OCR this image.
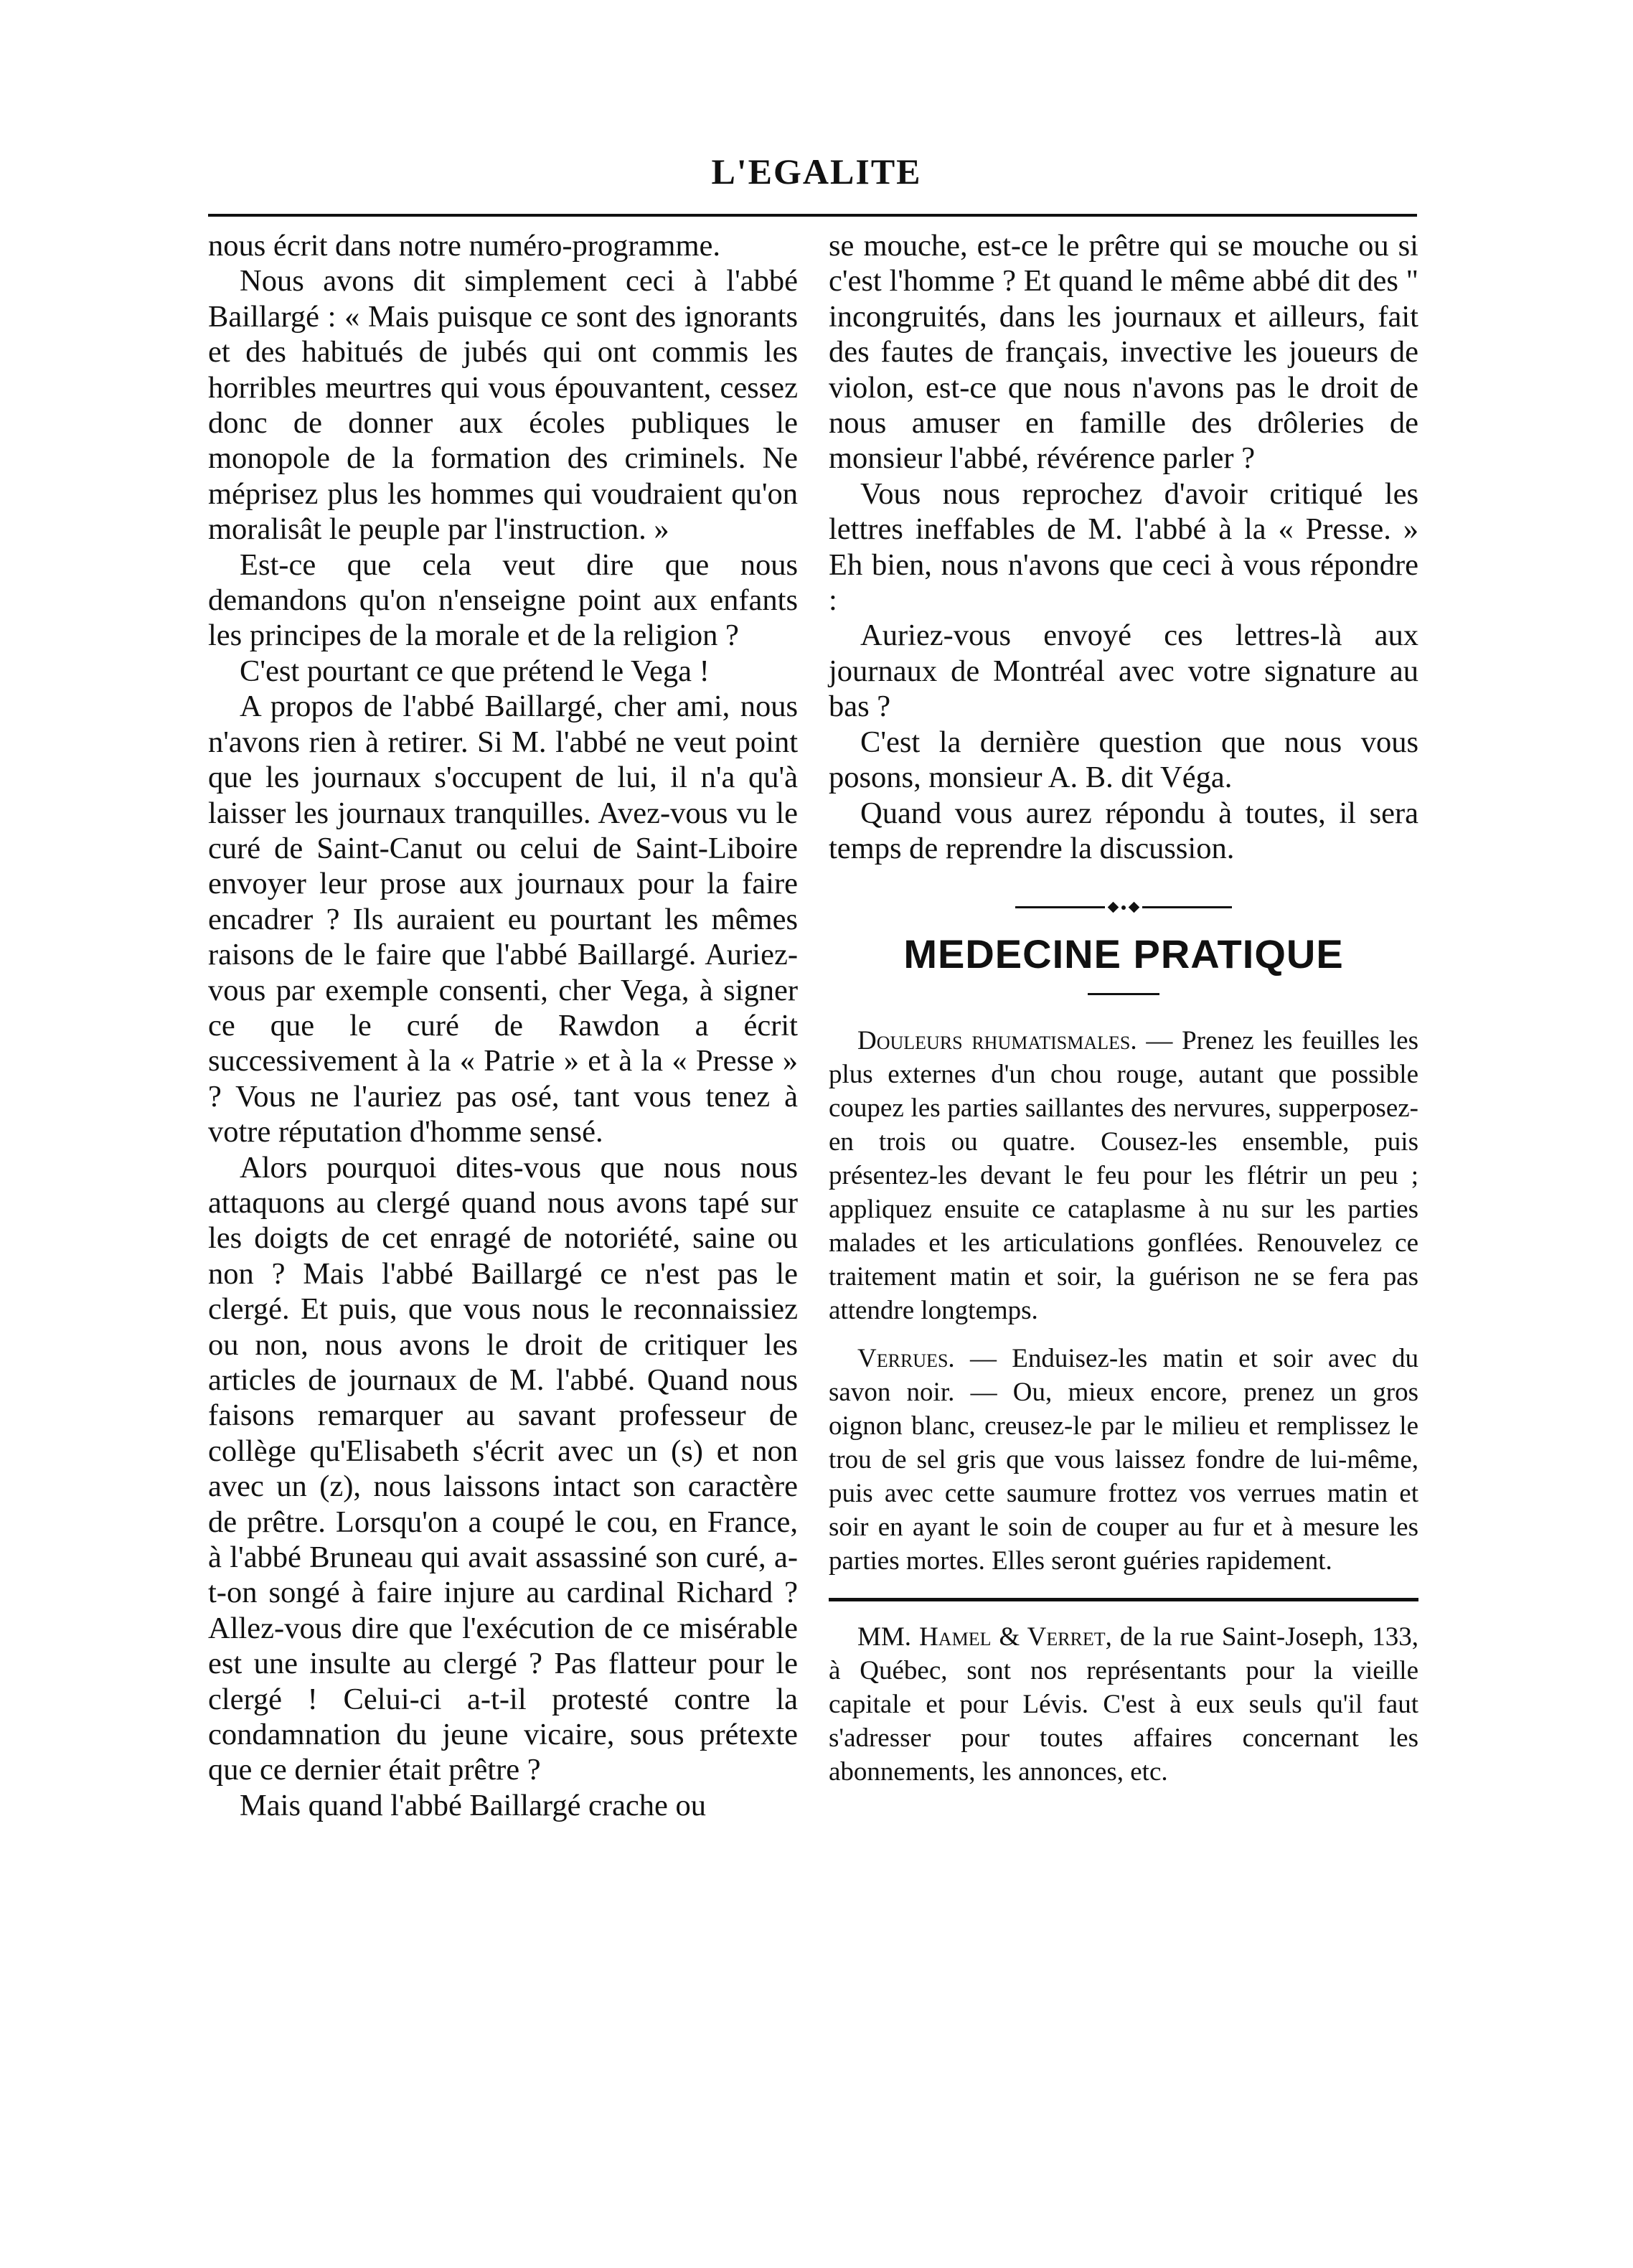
L'EGALITE

nous écrit dans notre numéro-programme.

Nous avons dit simplement ceci à l'abbé Baillargé : « Mais puisque ce sont des ignorants et des habitués de jubés qui ont commis les horribles meurtres qui vous épouvantent, cessez donc de donner aux écoles publiques le monopole de la formation des criminels. Ne méprisez plus les hommes qui voudraient qu'on moralisât le peuple par l'instruction. »

Est-ce que cela veut dire que nous demandons qu'on n'enseigne point aux enfants les principes de la morale et de la religion ?

C'est pourtant ce que prétend le Vega !

A propos de l'abbé Baillargé, cher ami, nous n'avons rien à retirer. Si M. l'abbé ne veut point que les journaux s'occupent de lui, il n'a qu'à laisser les journaux tranquilles. Avez-vous vu le curé de Saint-Canut ou celui de Saint-Liboire envoyer leur prose aux journaux pour la faire encadrer ? Ils auraient eu pourtant les mêmes raisons de le faire que l'abbé Baillargé. Auriez-vous par exemple consenti, cher Vega, à signer ce que le curé de Rawdon a écrit successivement à la « Patrie » et à la « Presse » ? Vous ne l'auriez pas osé, tant vous tenez à votre réputation d'homme sensé.

Alors pourquoi dites-vous que nous nous attaquons au clergé quand nous avons tapé sur les doigts de cet enragé de notoriété, saine ou non ? Mais l'abbé Baillargé ce n'est pas le clergé. Et puis, que vous nous le reconnaissiez ou non, nous avons le droit de critiquer les articles de journaux de M. l'abbé. Quand nous faisons remarquer au savant professeur de collège qu'Elisabeth s'écrit avec un (s) et non avec un (z), nous laissons intact son caractère de prêtre. Lorsqu'on a coupé le cou, en France, à l'abbé Bruneau qui avait assassiné son curé, a-t-on songé à faire injure au cardinal Richard ? Allez-vous dire que l'exécution de ce misérable est une insulte au clergé ? Pas flatteur pour le clergé ! Celui-ci a-t-il protesté contre la condamnation du jeune vicaire, sous prétexte que ce dernier était prêtre ?

Mais quand l'abbé Baillargé crache ou

se mouche, est-ce le prêtre qui se mouche ou si c'est l'homme ? Et quand le même abbé dit des " incongruités, dans les journaux et ailleurs, fait des fautes de français, invective les joueurs de violon, est-ce que nous n'avons pas le droit de nous amuser en famille des drôleries de monsieur l'abbé, révérence parler ?

Vous nous reprochez d'avoir critiqué les lettres ineffables de M. l'abbé à la « Presse. » Eh bien, nous n'avons que ceci à vous répondre :

Auriez-vous envoyé ces lettres-là aux journaux de Montréal avec votre signature au bas ?

C'est la dernière question que nous vous posons, monsieur A. B. dit Véga.

Quand vous aurez répondu à toutes, il sera temps de reprendre la discussion.

MEDECINE PRATIQUE

Douleurs rhumatismales. — Prenez les feuilles les plus externes d'un chou rouge, autant que possible coupez les parties saillantes des nervures, supperposez-en trois ou quatre. Cousez-les ensemble, puis présentez-les devant le feu pour les flétrir un peu ; appliquez ensuite ce cataplasme à nu sur les parties malades et les articulations gonflées. Renouvelez ce traitement matin et soir, la guérison ne se fera pas attendre longtemps.

Verrues. — Enduisez-les matin et soir avec du savon noir. — Ou, mieux encore, prenez un gros oignon blanc, creusez-le par le milieu et remplissez le trou de sel gris que vous laissez fondre de lui-même, puis avec cette saumure frottez vos verrues matin et soir en ayant le soin de couper au fur et à mesure les parties mortes. Elles seront guéries rapidement.

MM. Hamel & Verret, de la rue Saint-Joseph, 133, à Québec, sont nos représentants pour la vieille capitale et pour Lévis. C'est à eux seuls qu'il faut s'adresser pour toutes affaires concernant les abonnements, les annonces, etc.
